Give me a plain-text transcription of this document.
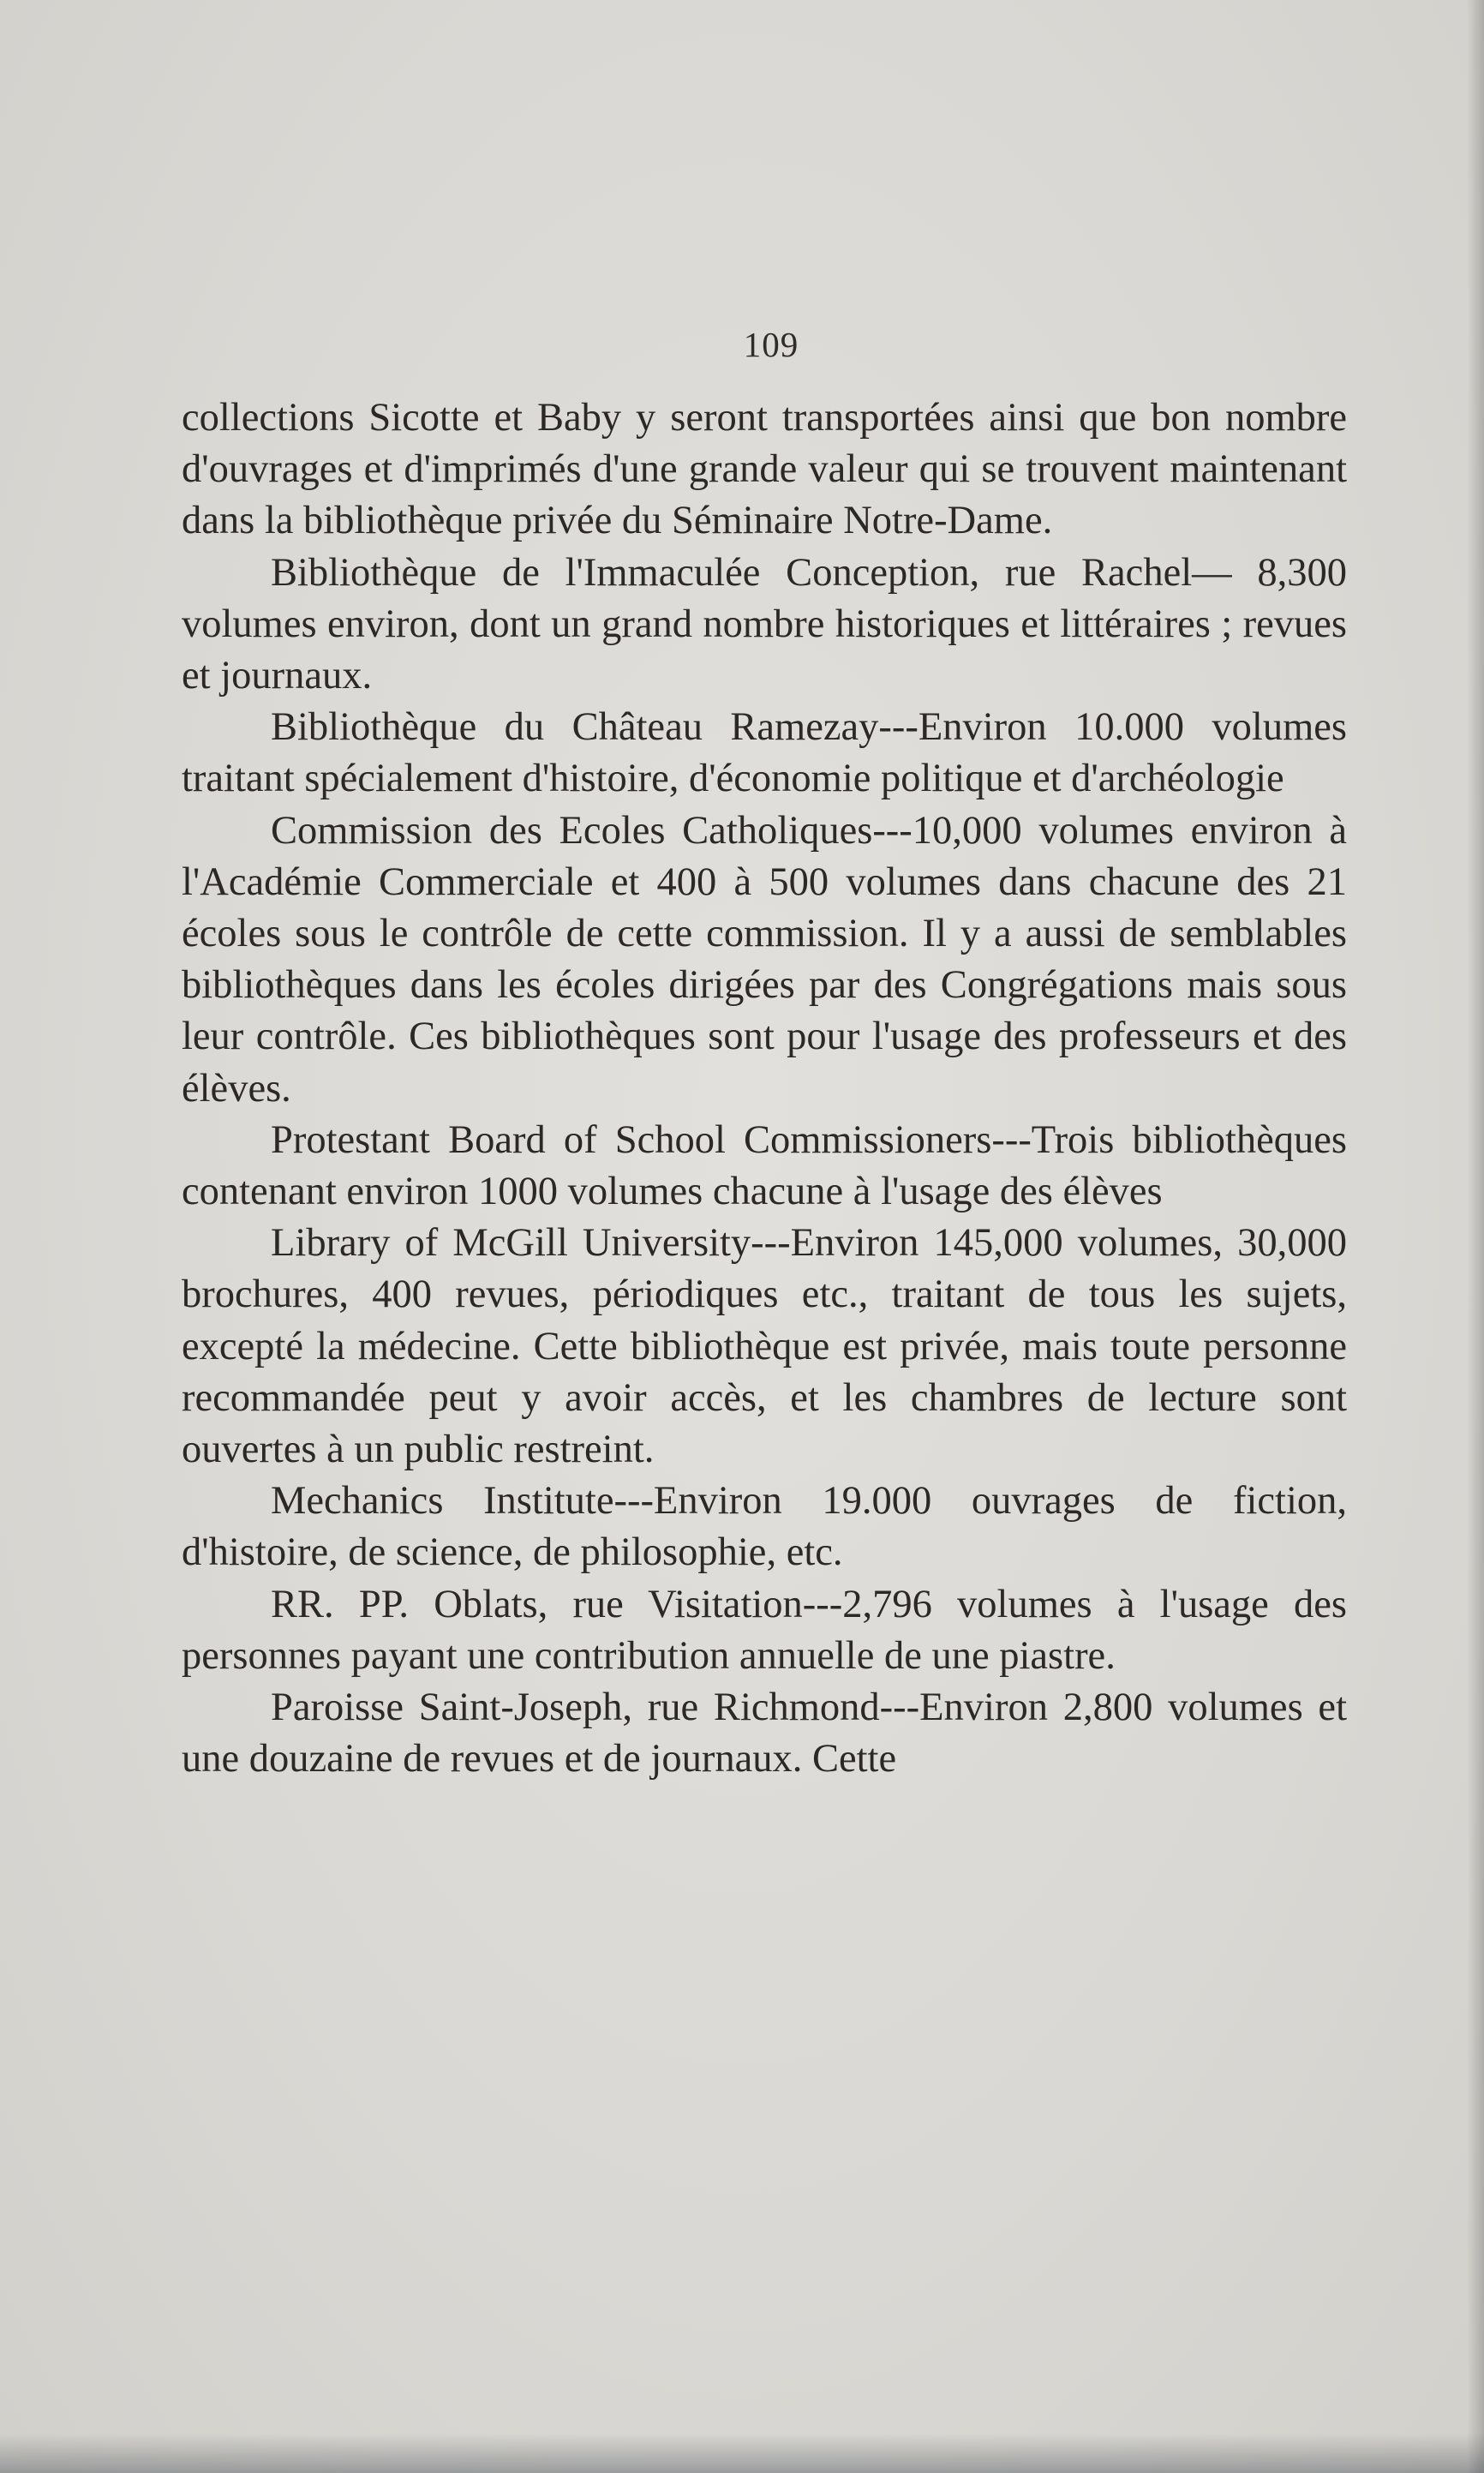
109

collections Sicotte et Baby y seront transportées ainsi que bon nombre d'ouvrages et d'imprimés d'une grande valeur qui se trouvent maintenant dans la bibliothèque privée du Séminaire Notre-Dame.

Bibliothèque de l'Immaculée Conception, rue Rachel— 8,300 volumes environ, dont un grand nombre historiques et littéraires ; revues et journaux.

Bibliothèque du Château Ramezay---Environ 10.000 volumes traitant spécialement d'histoire, d'économie politique et d'archéologie

Commission des Ecoles Catholiques---10,000 volumes environ à l'Académie Commerciale et 400 à 500 volumes dans chacune des 21 écoles sous le contrôle de cette commission. Il y a aussi de semblables bibliothèques dans les écoles dirigées par des Congrégations mais sous leur contrôle. Ces bibliothèques sont pour l'usage des professeurs et des élèves.

Protestant Board of School Commissioners---Trois bibliothèques contenant environ 1000 volumes chacune à l'usage des élèves

Library of McGill University---Environ 145,000 volumes, 30,000 brochures, 400 revues, périodiques etc., traitant de tous les sujets, excepté la médecine. Cette bibliothèque est privée, mais toute personne recommandée peut y avoir accès, et les chambres de lecture sont ouvertes à un public restreint.

Mechanics Institute---Environ 19.000 ouvrages de fiction, d'histoire, de science, de philosophie, etc.

RR. PP. Oblats, rue Visitation---2,796 volumes à l'usage des personnes payant une contribution annuelle de une piastre.

Paroisse Saint-Joseph, rue Richmond---Environ 2,800 volumes et une douzaine de revues et de journaux. Cette
